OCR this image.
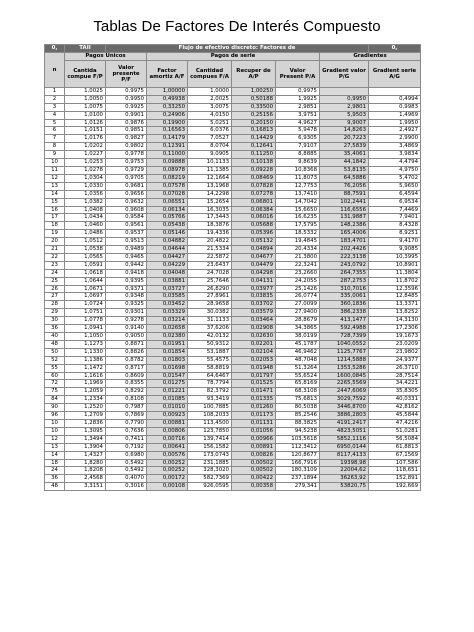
Tablas De Factores De Interés Compuesto
0,	TAII	Flujo de efectivo discreto: Factores de						0,
n	Pagos Únicos		Pagos de serie				Gradientes	
	Cantida compue F/P	Valor presente P/F	Factor amortiz A/F	Cantidad compues F/A	Recuper de A/P	Valor Present P/A	Gradient valor P/G	Gradient serie A/G
1	1,0025	0,9975	1,00000	1,0000	1,00250	0,9975		
2	1,0050	0,9950	0,49938	2,0025	0,50188	1,9925	0,9950	0,4994
3	1,0075	0,9925	0,33250	3,0075	0,33500	2,9851	2,9801	0,9983
4	1,0100	0,9901	0,24906	4,0150	0,25156	3,9751	5,9503	1,4969
5	1,0126	0,9876	0,19900	5,0251	0,20150	4,9627	9,9007	1,9950
6	1,0151	0,9851	0,16563	6,0376	0,16813	5,9478	14,8263	2,4927
7	1,0176	0,9827	0,14179	7,0527	0,14429	6,9305	20,7223	2,9900
8	1,0202	0,9802	0,12391	8,0704	0,12641	7,9107	27,5839	3,4869
9	1,0227	0,9778	0,11000	9,0905	0,11250	8,8885	35,4061	3,9834
10	1,0253	0,9753	0,09888	10,1133	0,10138	9,8639	44,1842	4,4794
11	1,0278	0,9729	0,08978	11,1385	0,09228	10,8368	53,8135	4,9750
12	1,0304	0,9705	0,08219	12,1664	0,08469	11,8073	64,5886	5,4702
13	1,0330	0,9681	0,07578	13,1968	0,07828	12,7753	76,2056	5,9650
14	1,0356	0,9656	0,07028	14,2298	0,07278	13,7410	88,7591	6,4594
15	1,0382	0,9632	0,06551	15,2654	0,06801	14,7042	102,2441	6,9534
16	1,0408	0,9608	0,06134	16,3035	0,06384	15,6650	116,6556	7,4469
17	1,0434	0,9584	0,05766	17,3443	0,06016	16,6235	131,9887	7,9401
18	1,0460	0,9561	0,05438	18,3876	0,05688	17,5795	148,2386	8,4328
19	1,0486	0,9537	0,05146	19,4336	0,05396	18,5332	165,4006	8,9251
20	1,0512	0,9513	0,04882	20,4822	0,05132	19,4845	183,4701	9,4170
21	1,0538	0,9489	0,04644	21,5334	0,04894	20,4334	202,4426	9,9085
22	1,0565	0,9465	0,04427	22,5872	0,04677	21,3800	222,3138	10,3995
23	1,0591	0,9442	0,04229	23,6437	0,04479	22,3241	243,0792	10,8901
24	1,0618	0,9418	0,04048	24,7028	0,04298	23,2660	264,7355	11,3804
25	1,0644	0,9395	0,03881	25,7646	0,04131	24,2055	287,2753	11,8702
26	1,0671	0,9371	0,03727	26,8290	0,03977	25,1426	310,7016	12,3596
27	1,0697	0,9348	0,03585	27,8961	0,03835	26,0774	335,0061	12,8485
28	1,0724	0,9325	0,03452	28,9658	0,03702	27,0099	360,1836	13,3371
29	1,0751	0,9301	0,03329	30,0382	0,03579	27,9400	386,2338	13,8252
30	1,0778	0,9278	0,03214	31,1133	0,03464	28,8679	413,1477	14,3130
36	1,0941	0,9140	0,02658	37,6206	0,02908	34,3865	592,4988	17,2306
40	1,1050	0,9050	0,02380	42,0132	0,02630	38,0199	728,7399	19,1673
48	1,1273	0,8871	0,01951	50,9312	0,02201	45,1787	1040,0552	23,0209
50	1,1330	0,8826	0,01854	53,1887	0,02104	46,9462	1125,7767	23,9802
52	1,1386	0,8782	0,01803	55,4575	0,02053	48,7048	1214,5888	24,9377
55	1,1472	0,8717	0,01698	58,8819	0,01948	51,3264	1353,5286	26,3710
60	1,1616	0,8609	0,01547	64,6467	0,01797	55,6524	1600,0845	28,7514
72	1,1969	0,8355	0,01275	78,7794	0,01525	65,8169	2265,5569	34,4221
75	1,2059	0,8292	0,01221	82,3792	0,01471	68,3108	2447,6069	35,8305
84	1,2334	0,8108	0,01085	93,3419	0,01335	75,6813	3029,7592	40,0331
90	1,2520	0,7987	0,01010	100,7885	0,01260	80,5038	3446,8700	42,8162
96	1,2709	0,7869	0,00923	108,2033	0,01173	85,2546	3886,2803	45,5844
10	1,2836	0,7790	0,00881	113,4500	0,01131	88,3825	4191,2417	47,4216
10	1,3095	0,7636	0,00806	123,7850	0,01056	94,5238	4823,5051	51,0281
12	1,3494	0,7411	0,00716	139,7414	0,00966	103,5618	5852,1116	56,5084
13	1,3904	0,7192	0,00641	156,1582	0,00891	112,3412	6950,0144	61,8813
14	1,4327	0,6980	0,00576	173,0743	0,00826	120,8677	8117,4133	67,1569
18	1,8280	0,5492	0,00252	231,1885	0,00502	166,7916	19398,98	107,586
24	1,8208	0,5492	0,00252	328,3020	0,00502	180,3109	22004,62	118,651
36	2,4568	0,4070	0,00172	582,7369	0,00422	237,1894	36263,92	152,891
48	3,3151	0,3016	0,00108	926,0595	0,00358	279,341	53820,75	192,669
